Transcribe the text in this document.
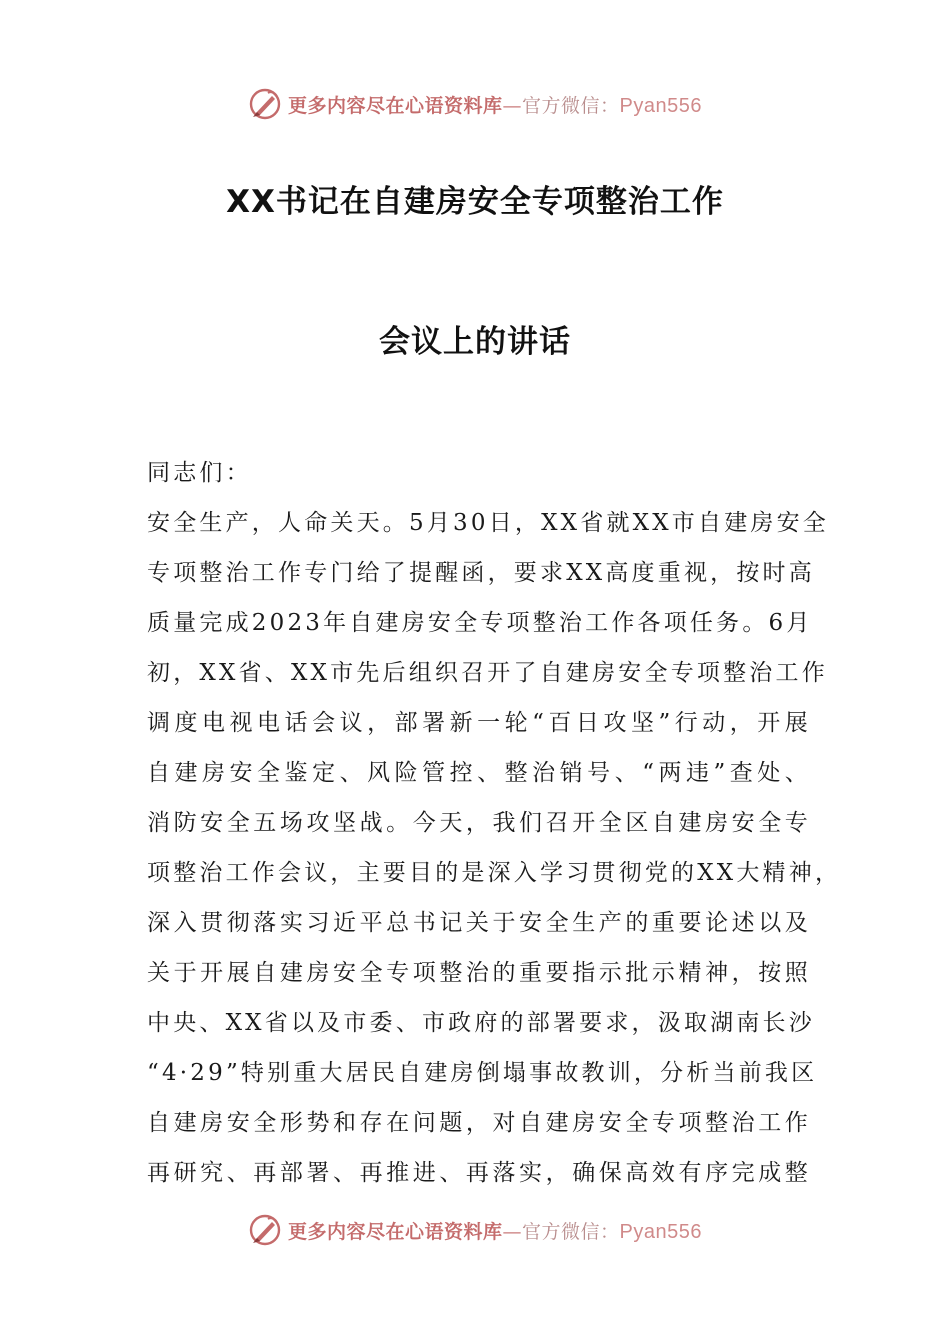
更多内容尽在心语资料库—官方微信：Pyan556
XX书记在自建房安全专项整治工作
会议上的讲话
同志们：
安全生产，人命关天。5月30日，XX省就XX市自建房安全
专项整治工作专门给了提醒函，要求XX高度重视，按时高
质量完成2023年自建房安全专项整治工作各项任务。6月
初，XX省、XX市先后组织召开了自建房安全专项整治工作
调度电视电话会议，部署新一轮“百日攻坚”行动，开展
自建房安全鉴定、风险管控、整治销号、“两违”查处、
消防安全五场攻坚战。今天，我们召开全区自建房安全专
项整治工作会议，主要目的是深入学习贯彻党的XX大精神，
深入贯彻落实习近平总书记关于安全生产的重要论述以及
关于开展自建房安全专项整治的重要指示批示精神，按照
中央、XX省以及市委、市政府的部署要求，汲取湖南长沙
“4·29”特别重大居民自建房倒塌事故教训，分析当前我区
自建房安全形势和存在问题，对自建房安全专项整治工作
再研究、再部署、再推进、再落实，确保高效有序完成整
更多内容尽在心语资料库—官方微信：Pyan556
